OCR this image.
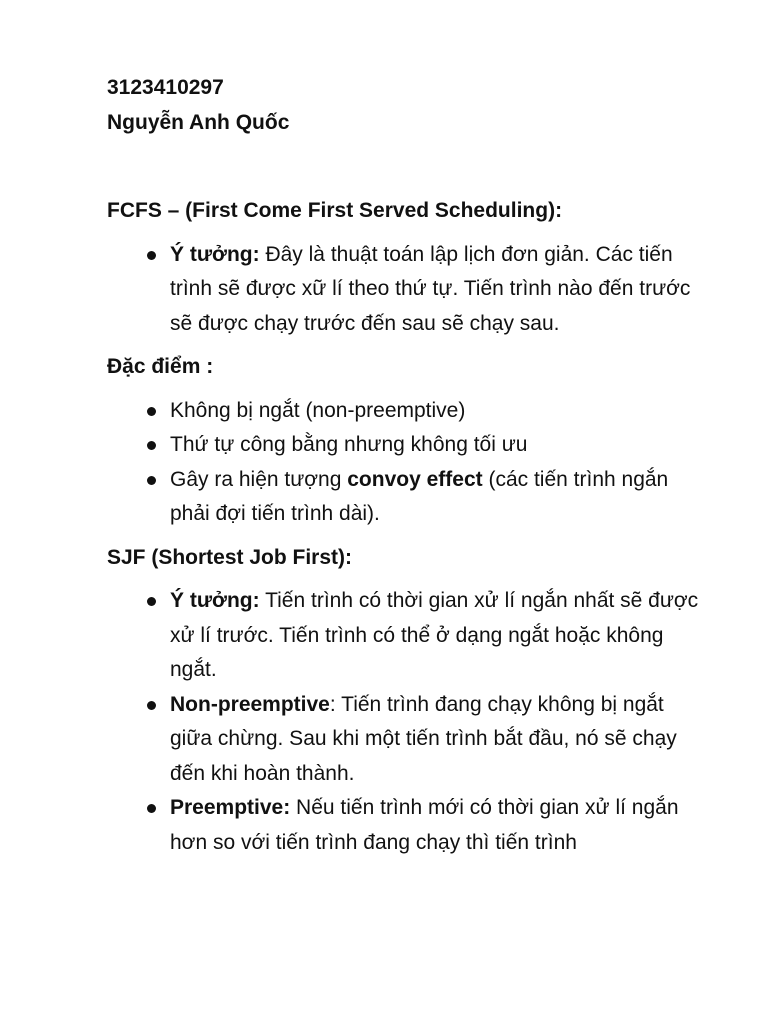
3123410297
Nguyễn Anh Quốc
FCFS – (First Come First Served Scheduling):
Ý tưởng: Đây là thuật toán lập lịch đơn giản. Các tiến trình sẽ được xữ lí theo thứ tự. Tiến trình nào đến trước sẽ được chạy trước đến sau sẽ chạy sau.
Đặc điểm :
Không bị ngắt (non-preemptive)
Thứ tự công bằng nhưng không tối ưu
Gây ra hiện tượng convoy effect (các tiến trình ngắn phải đợi tiến trình dài).
SJF (Shortest Job First):
Ý tưởng: Tiến trình có thời gian xử lí ngắn nhất sẽ được xử lí trước. Tiến trình có thể ở dạng ngắt hoặc không ngắt.
Non-preemptive: Tiến trình đang chạy không bị ngắt giữa chừng. Sau khi một tiến trình bắt đầu, nó sẽ chạy đến khi hoàn thành.
Preemptive: Nếu tiến trình mới có thời gian xử lí ngắn hơn so với tiến trình đang chạy thì tiến trình
